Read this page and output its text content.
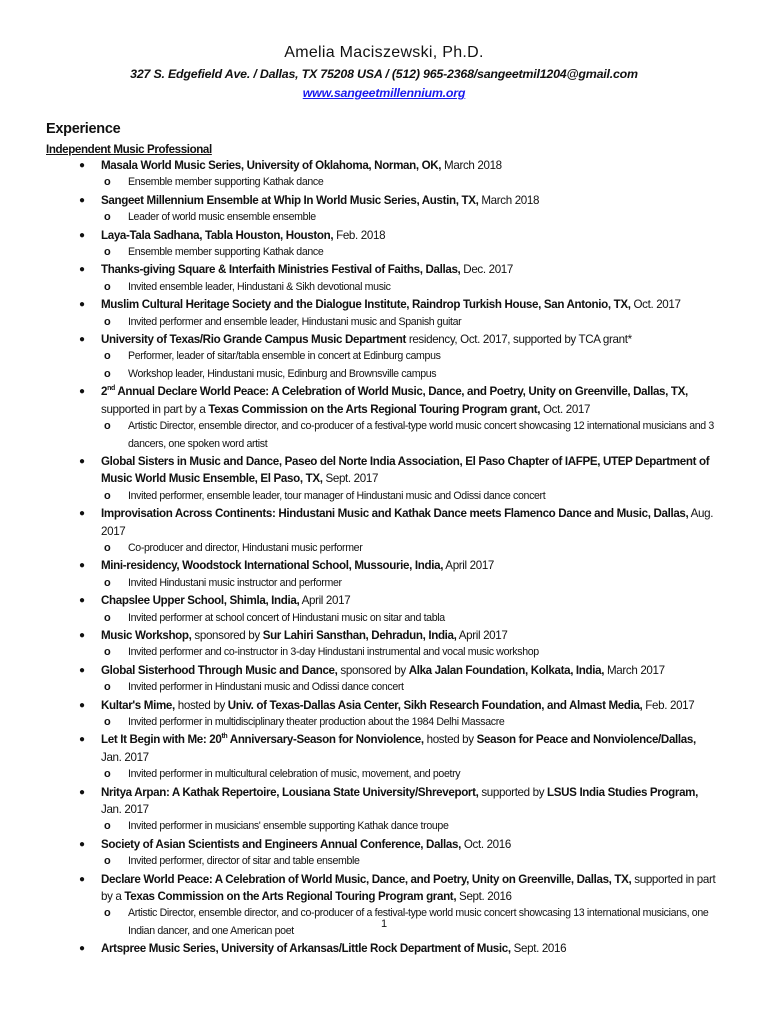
Amelia Maciszewski, Ph.D.
327 S. Edgefield Ave. / Dallas, TX 75208 USA / (512) 965-2368/sangeetmil1204@gmail.com
www.sangeetmillennium.org
Experience
Independent Music Professional
● Masala World Music Series, University of Oklahoma, Norman, OK, March 2018
o Ensemble member supporting Kathak dance
● Sangeet Millennium Ensemble at Whip In World Music Series, Austin, TX, March 2018
o Leader of world music ensemble ensemble
● Laya-Tala Sadhana, Tabla Houston, Houston, Feb. 2018
o Ensemble member supporting Kathak dance
● Thanks-giving Square & Interfaith Ministries Festival of Faiths, Dallas, Dec. 2017
o Invited ensemble leader, Hindustani & Sikh devotional music
● Muslim Cultural Heritage Society and the Dialogue Institute, Raindrop Turkish House, San Antonio, TX, Oct. 2017
o Invited performer and ensemble leader, Hindustani music and Spanish guitar
● University of Texas/Rio Grande Campus Music Department residency, Oct. 2017, supported by TCA grant*
o Performer, leader of sitar/tabla ensemble in concert at Edinburg campus
o Workshop leader, Hindustani music, Edinburg and Brownsville campus
● 2nd Annual Declare World Peace: A Celebration of World Music, Dance, and Poetry, Unity on Greenville, Dallas, TX, supported in part by a Texas Commission on the Arts Regional Touring Program grant, Oct. 2017
o Artistic Director, ensemble director, and co-producer of a festival-type world music concert showcasing 12 international musicians and 3 dancers, one spoken word artist
● Global Sisters in Music and Dance, Paseo del Norte India Association, El Paso Chapter of IAFPE, UTEP Department of Music World Music Ensemble, El Paso, TX, Sept. 2017
o Invited performer, ensemble leader, tour manager of Hindustani music and Odissi dance concert
● Improvisation Across Continents: Hindustani Music and Kathak Dance meets Flamenco Dance and Music, Dallas, Aug. 2017
o Co-producer and director, Hindustani music performer
● Mini-residency, Woodstock International School, Mussourie, India, April 2017
o Invited Hindustani music instructor and performer
● Chapslee Upper School, Shimla, India, April 2017
o Invited performer at school concert of Hindustani music on sitar and tabla
● Music Workshop, sponsored by Sur Lahiri Sansthan, Dehradun, India, April 2017
o Invited performer and co-instructor in 3-day Hindustani instrumental and vocal music workshop
● Global Sisterhood Through Music and Dance, sponsored by Alka Jalan Foundation, Kolkata, India, March 2017
o Invited performer in Hindustani music and Odissi dance concert
● Kultar's Mime, hosted by Univ. of Texas-Dallas Asia Center, Sikh Research Foundation, and Almast Media, Feb. 2017
o Invited performer in multidisciplinary theater production about the 1984 Delhi Massacre
● Let It Begin with Me: 20th Anniversary-Season for Nonviolence, hosted by Season for Peace and Nonviolence/Dallas, Jan. 2017
o Invited performer in multicultural celebration of music, movement, and poetry
● Nritya Arpan: A Kathak Repertoire, Lousiana State University/Shreveport, supported by LSUS India Studies Program, Jan. 2017
o Invited performer in musicians' ensemble supporting Kathak dance troupe
● Society of Asian Scientists and Engineers Annual Conference, Dallas, Oct. 2016
o Invited performer, director of sitar and table ensemble
● Declare World Peace: A Celebration of World Music, Dance, and Poetry, Unity on Greenville, Dallas, TX, supported in part by a Texas Commission on the Arts Regional Touring Program grant, Sept. 2016
o Artistic Director, ensemble director, and co-producer of a festival-type world music concert showcasing 13 international musicians, one Indian dancer, and one American poet
● Artspree Music Series, University of Arkansas/Little Rock Department of Music, Sept. 2016
1
